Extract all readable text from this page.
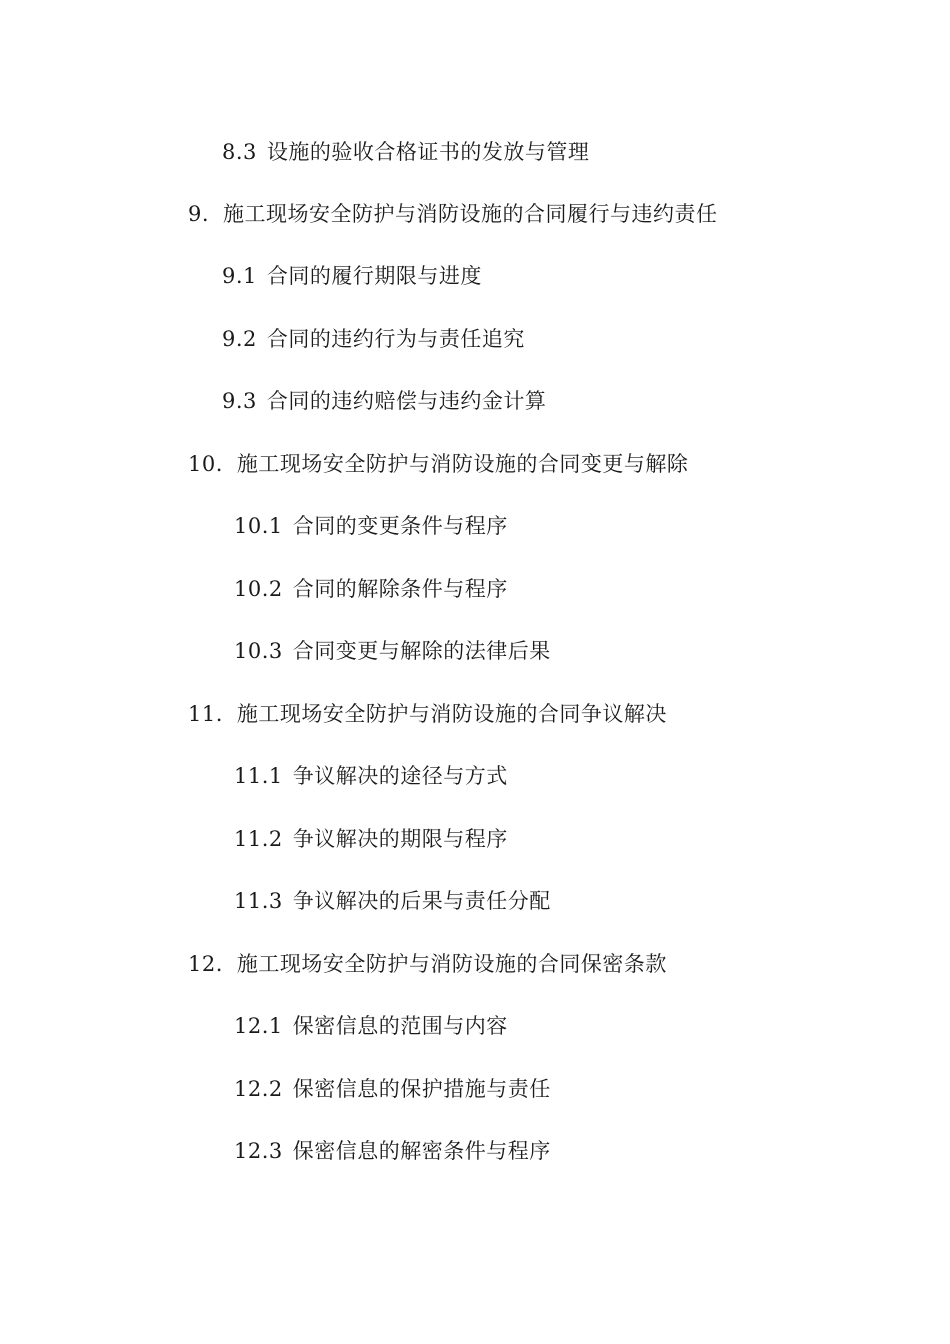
8.3 设施的验收合格证书的发放与管理
9. 施工现场安全防护与消防设施的合同履行与违约责任
9.1 合同的履行期限与进度
9.2 合同的违约行为与责任追究
9.3 合同的违约赔偿与违约金计算
10. 施工现场安全防护与消防设施的合同变更与解除
10.1 合同的变更条件与程序
10.2 合同的解除条件与程序
10.3 合同变更与解除的法律后果
11. 施工现场安全防护与消防设施的合同争议解决
11.1 争议解决的途径与方式
11.2 争议解决的期限与程序
11.3 争议解决的后果与责任分配
12. 施工现场安全防护与消防设施的合同保密条款
12.1 保密信息的范围与内容
12.2 保密信息的保护措施与责任
12.3 保密信息的解密条件与程序
